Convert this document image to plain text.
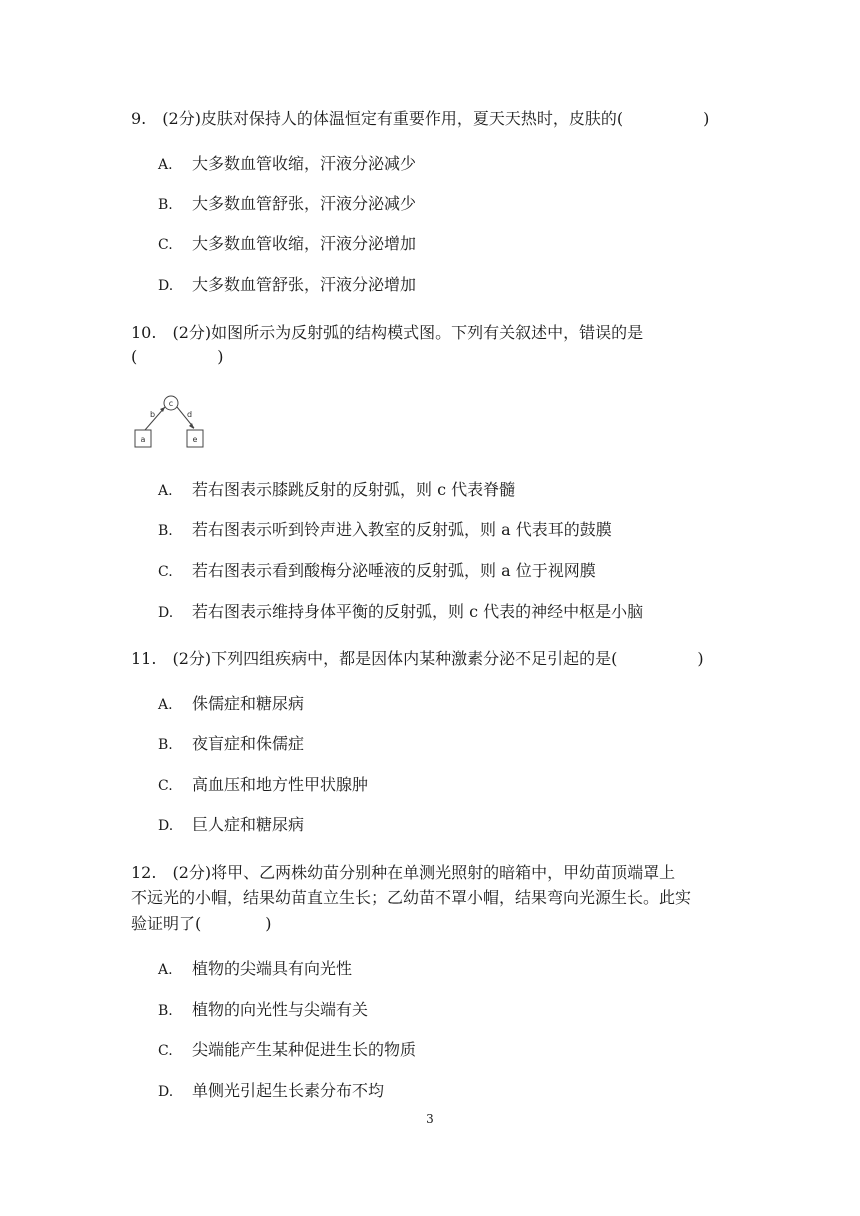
9.　(2分)皮肤对保持人的体温恒定有重要作用，夏天天热时，皮肤的(　　　　　)
A. 大多数血管收缩，汗液分泌减少
B. 大多数血管舒张，汗液分泌减少
C. 大多数血管收缩，汗液分泌增加
D. 大多数血管舒张，汗液分泌增加
10.　(2分)如图所示为反射弧的结构模式图。下列有关叙述中，错误的是
(　　　　　)
c
b	d
a	e
A. 若右图表示膝跳反射的反射弧，则 c 代表脊髓
B. 若右图表示听到铃声进入教室的反射弧，则 a 代表耳的鼓膜
C. 若右图表示看到酸梅分泌唾液的反射弧，则 a 位于视网膜
D. 若右图表示维持身体平衡的反射弧，则 c 代表的神经中枢是小脑
11.　(2分)下列四组疾病中，都是因体内某种激素分泌不足引起的是(　　　　　)
A. 侏儒症和糖尿病
B. 夜盲症和侏儒症
C. 高血压和地方性甲状腺肿
D. 巨人症和糖尿病
12.　(2分)将甲、乙两株幼苗分别种在单测光照射的暗箱中，甲幼苗顶端罩上
不远光的小帽，结果幼苗直立生长；乙幼苗不罩小帽，结果弯向光源生长。此实
验证明了(　　　　)
A. 植物的尖端具有向光性
B. 植物的向光性与尖端有关
C. 尖端能产生某种促进生长的物质
D. 单侧光引起生长素分布不均
3
